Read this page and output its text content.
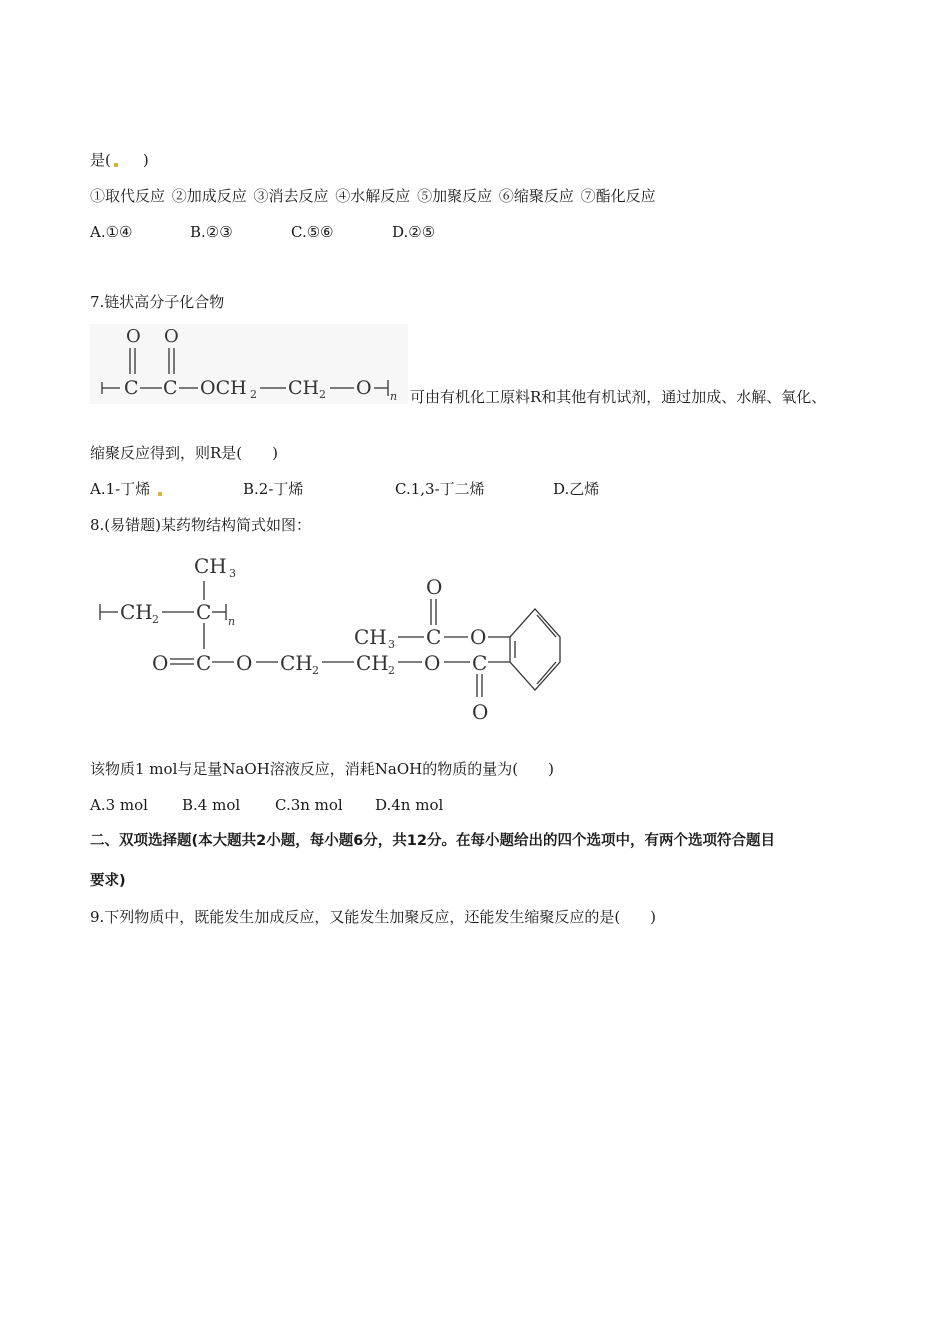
是( )
①取代反应 ②加成反应 ③消去反应 ④水解反应 ⑤加聚反应 ⑥缩聚反应 ⑦酯化反应
A.①④	B.②③	C.⑤⑥	D.②⑤
7.链状高分子化合物
O O
C C OCH 2 CH 2 O n 可由有机化工原料R和其他有机试剂，通过加成、水解、氧化、
缩聚反应得到，则R是(　　)
A.1-丁烯	B.2-丁烯	C.1,3-丁二烯	D.乙烯
8.(易错题)某药物结构简式如图：
CH 3
CH 2 C n
O C O CH 2 CH 2 O C
O
O
CH 3 C O
该物质1 mol与足量NaOH溶液反应，消耗NaOH的物质的量为(　　)
A.3 mol B.4 mol C.3n mol D.4n mol
二、双项选择题(本大题共2小题，每小题6分，共12分。在每小题给出的四个选项中，有两个选项符合题目
要求)
9.下列物质中，既能发生加成反应，又能发生加聚反应，还能发生缩聚反应的是(　　)
